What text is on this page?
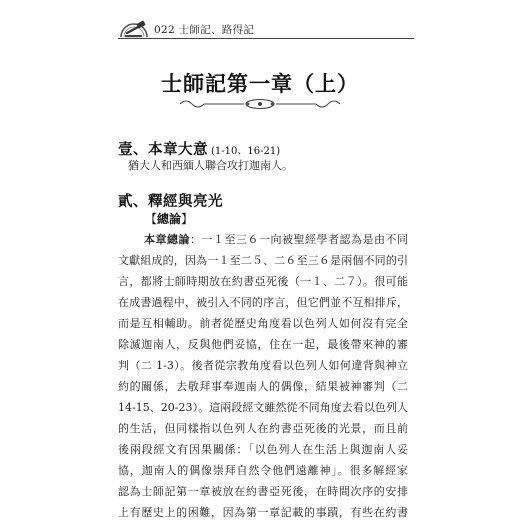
022 士師記、路得記
士師記第一章（上）
壹、本章大意 (1-10、16-21)
猶大人和西緬人聯合攻打迦南人。
貳、釋經與亮光
【總論】
本章總論：一１至三６一向被聖經學者認為是由不同
文獻組成的，因為一１至二５、二６至三６是兩個不同的引
言，都將士師時期放在約書亞死後（一１、二７）。很可能
在成書過程中，被引入不同的序言，但它們並不互相排斥，
而是互相輔助。前者從歷史角度看以色列人如何沒有完全
除滅迦南人，反與他們妥協，住在一起，最後帶來神的審
判（二 1-3）。後者從宗教角度看以色列人如何違背與神立
約的關係，去敬拜事奉迦南人的偶像，結果被神審判（二
14-15、20-23）。這兩段經文雖然從不同角度去看以色列人
的生活，但同樣指以色列人在約書亞死後的光景，而且前
後兩段經文有因果關係：「以色列人在生活上與迦南人妥
協，迦南人的偶像崇拜自然令他們遠離神」。很多解經家
認為士師記第一章被放在約書亞死後，在時間次序的安排
上有歷史上的困難，因為第一章記載的事蹟，有些在約書
